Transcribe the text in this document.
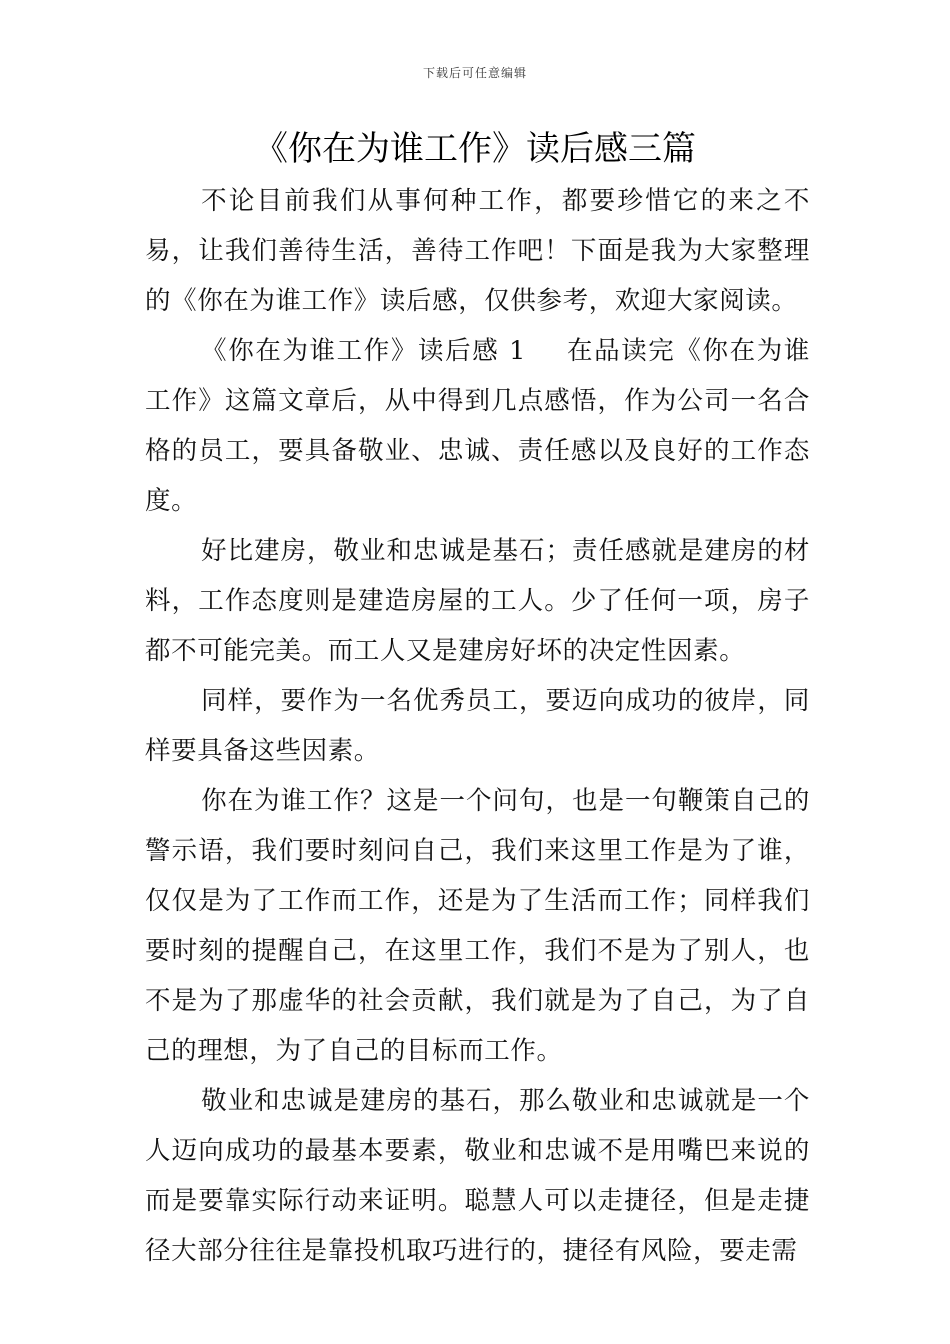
下载后可任意编辑
《你在为谁工作》读后感三篇

不论目前我们从事何种工作，都要珍惜它的来之不易，让我们善待生活，善待工作吧！下面是我为大家整理的《你在为谁工作》读后感，仅供参考，欢迎大家阅读。

《你在为谁工作》读后感 1 在品读完《你在为谁工作》这篇文章后，从中得到几点感悟，作为公司一名合格的员工，要具备敬业、忠诚、责任感以及良好的工作态度。

好比建房，敬业和忠诚是基石；责任感就是建房的材料，工作态度则是建造房屋的工人。少了任何一项，房子都不可能完美。而工人又是建房好坏的决定性因素。

同样，要作为一名优秀员工，要迈向成功的彼岸，同样要具备这些因素。

你在为谁工作？这是一个问句，也是一句鞭策自己的警示语，我们要时刻问自己，我们来这里工作是为了谁，仅仅是为了工作而工作，还是为了生活而工作；同样我们要时刻的提醒自己，在这里工作，我们不是为了别人，也不是为了那虚华的社会贡献，我们就是为了自己，为了自己的理想，为了自己的目标而工作。

敬业和忠诚是建房的基石，那么敬业和忠诚就是一个人迈向成功的最基本要素，敬业和忠诚不是用嘴巴来说的而是要靠实际行动来证明。聪慧人可以走捷径，但是走捷径大部分往往是靠投机取巧进行的，捷径有风险，要走需
